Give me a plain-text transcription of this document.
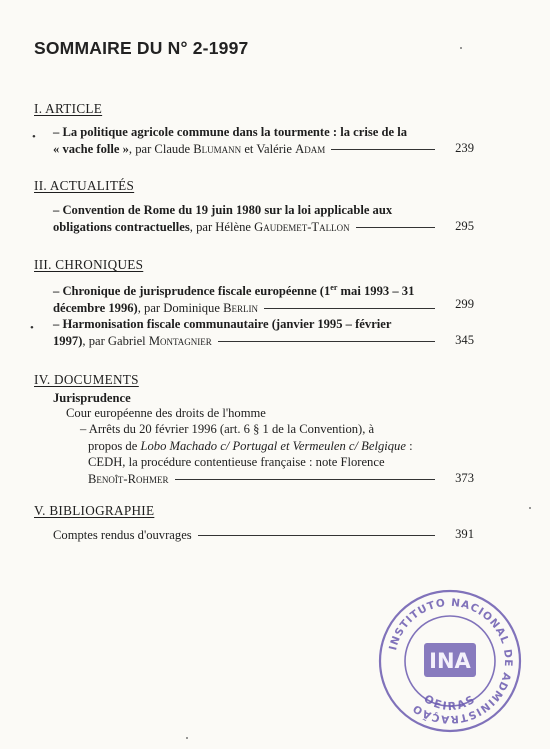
SOMMAIRE DU N° 2-1997
I. ARTICLE
• – La politique agricole commune dans la tourmente : la crise de la

« vache folle », par Claude Blumann et Valérie Adam	239
II. ACTUALITÉS

– Convention de Rome du 19 juin 1980 sur la loi applicable aux

obligations contractuelles, par Hélène Gaudemet-Tallon	295
III. CHRONIQUES

– Chronique de jurisprudence fiscale européenne (1er mai 1993 – 31

décembre 1996), par Dominique Berlin	299
• – Harmonisation fiscale communautaire (janvier 1995 – février

1997), par Gabriel Montagnier	345
IV. DOCUMENTS
Jurisprudence
Cour européenne des droits de l'homme

– Arrêts du 20 février 1996 (art. 6 § 1 de la Convention), à

propos de Lobo Machado c/ Portugal et Vermeulen c/ Belgique :

CEDH, la procédure contentieuse française : note Florence

Benoît-Rohmer	373
V. BIBLIOGRAPHIE

Comptes rendus d'ouvrages	391
INSTITUTO NACIONAL DE ADMINISTRAÇÃO
OEIRAS
INA
